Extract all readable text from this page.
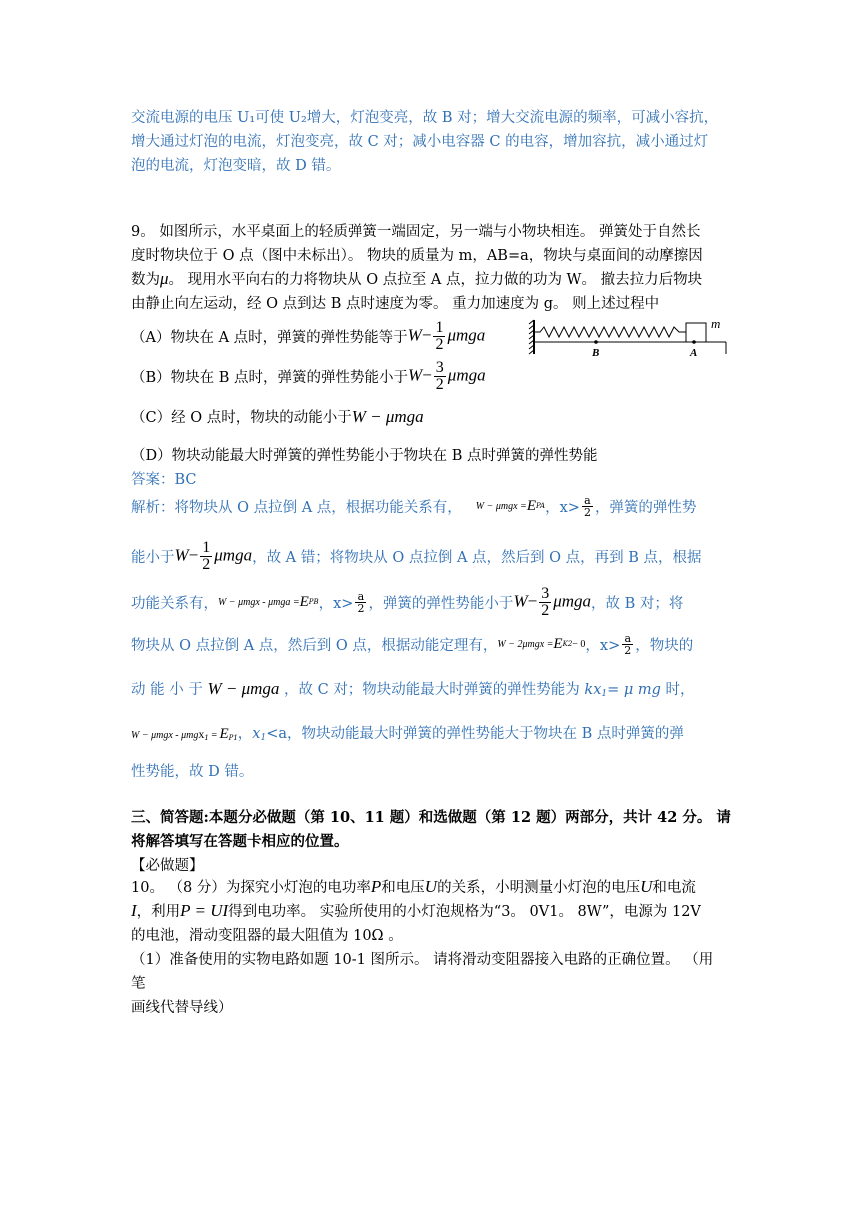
交流电源的电压 U₁可使 U₂增大，灯泡变亮，故 B 对；增大交流电源的频率，可减小容抗，
增大通过灯泡的电流，灯泡变亮，故 C 对；减小电容器 C 的电容，增加容抗，减小通过灯
泡的电流，灯泡变暗，故 D 错。
9。 如图所示，水平桌面上的轻质弹簧一端固定，另一端与小物块相连。 弹簧处于自然长
度时物块位于 O 点（图中未标出）。 物块的质量为 m，AB=a，物块与桌面间的动摩擦因
数为μ。 现用水平向右的力将物块从 O 点拉至 A 点，拉力做的功为 W。 撤去拉力后物块
由静止向左运动，经 O 点到达 B 点时速度为零。 重力加速度为 g。 则上述过程中
（A）物块在 A 点时，弹簧的弹性势能等于 $W- \frac{1}{2}$ μmga
m
B	A
（B）物块在 B 点时，弹簧的弹性势能小于 $W- \frac{3}{2}$ μmga
（C）经 O 点时，物块的动能小于W − μmga
（D）物块动能最大时弹簧的弹性势能小于物块在 B 点时弹簧的弹性势能
答案：BC
解析：将物块从 O 点拉倒 A 点，根据功能关系有， W − μmgx = E PA ，$x> \frac{a}{2}$ ，弹簧的弹性势
能小于 $W- \frac{1}{2}$ μmga ，故 A 错；将物块从 O 点拉倒 A 点，然后到 O 点，再到 B 点，根据
功能关系有， W − μmgx - μmga = E PB ，$x> \frac{a}{2}$ ，弹簧的弹性势能小于 $W- \frac{3}{2}$ μmga ，故 B 对；将
物块从 O 点拉倒 A 点，然后到 O 点，根据动能定理有， W − 2μmgx = E K2 − 0 ，$x> \frac{a}{2}$ ，物块的
动 能 小 于 W − μmga ，故 C 对；物块动能最大时弹簧的弹性势能为 $kx_1= \mu$ mg 时，
$W - \mu mgx - \mu mgx_1 = E_{P1}$，$x_1<a$，物块动能最大时弹簧的弹性势能大于物块在 B 点时弹簧的弹
性势能，故 D 错。
三、简答题:本题分必做题（第 10、11 题）和选做题（第 12 题）两部分，共计 42 分。 请
将解答填写在答题卡相应的位置。
【必做题】
10。 （8 分）为探究小灯泡的电功率P和电压U的关系，小明测量小灯泡的电压U和电流
I，利用P = UI得到电功率。 实验所使用的小灯泡规格为“3。 0V1。 8W”，电源为 12V
的电池，滑动变阻器的最大阻值为 10Ω 。
（1）准备使用的实物电路如题 10-1 图所示。 请将滑动变阻器接入电路的正确位置。 （用
笔
画线代替导线）
